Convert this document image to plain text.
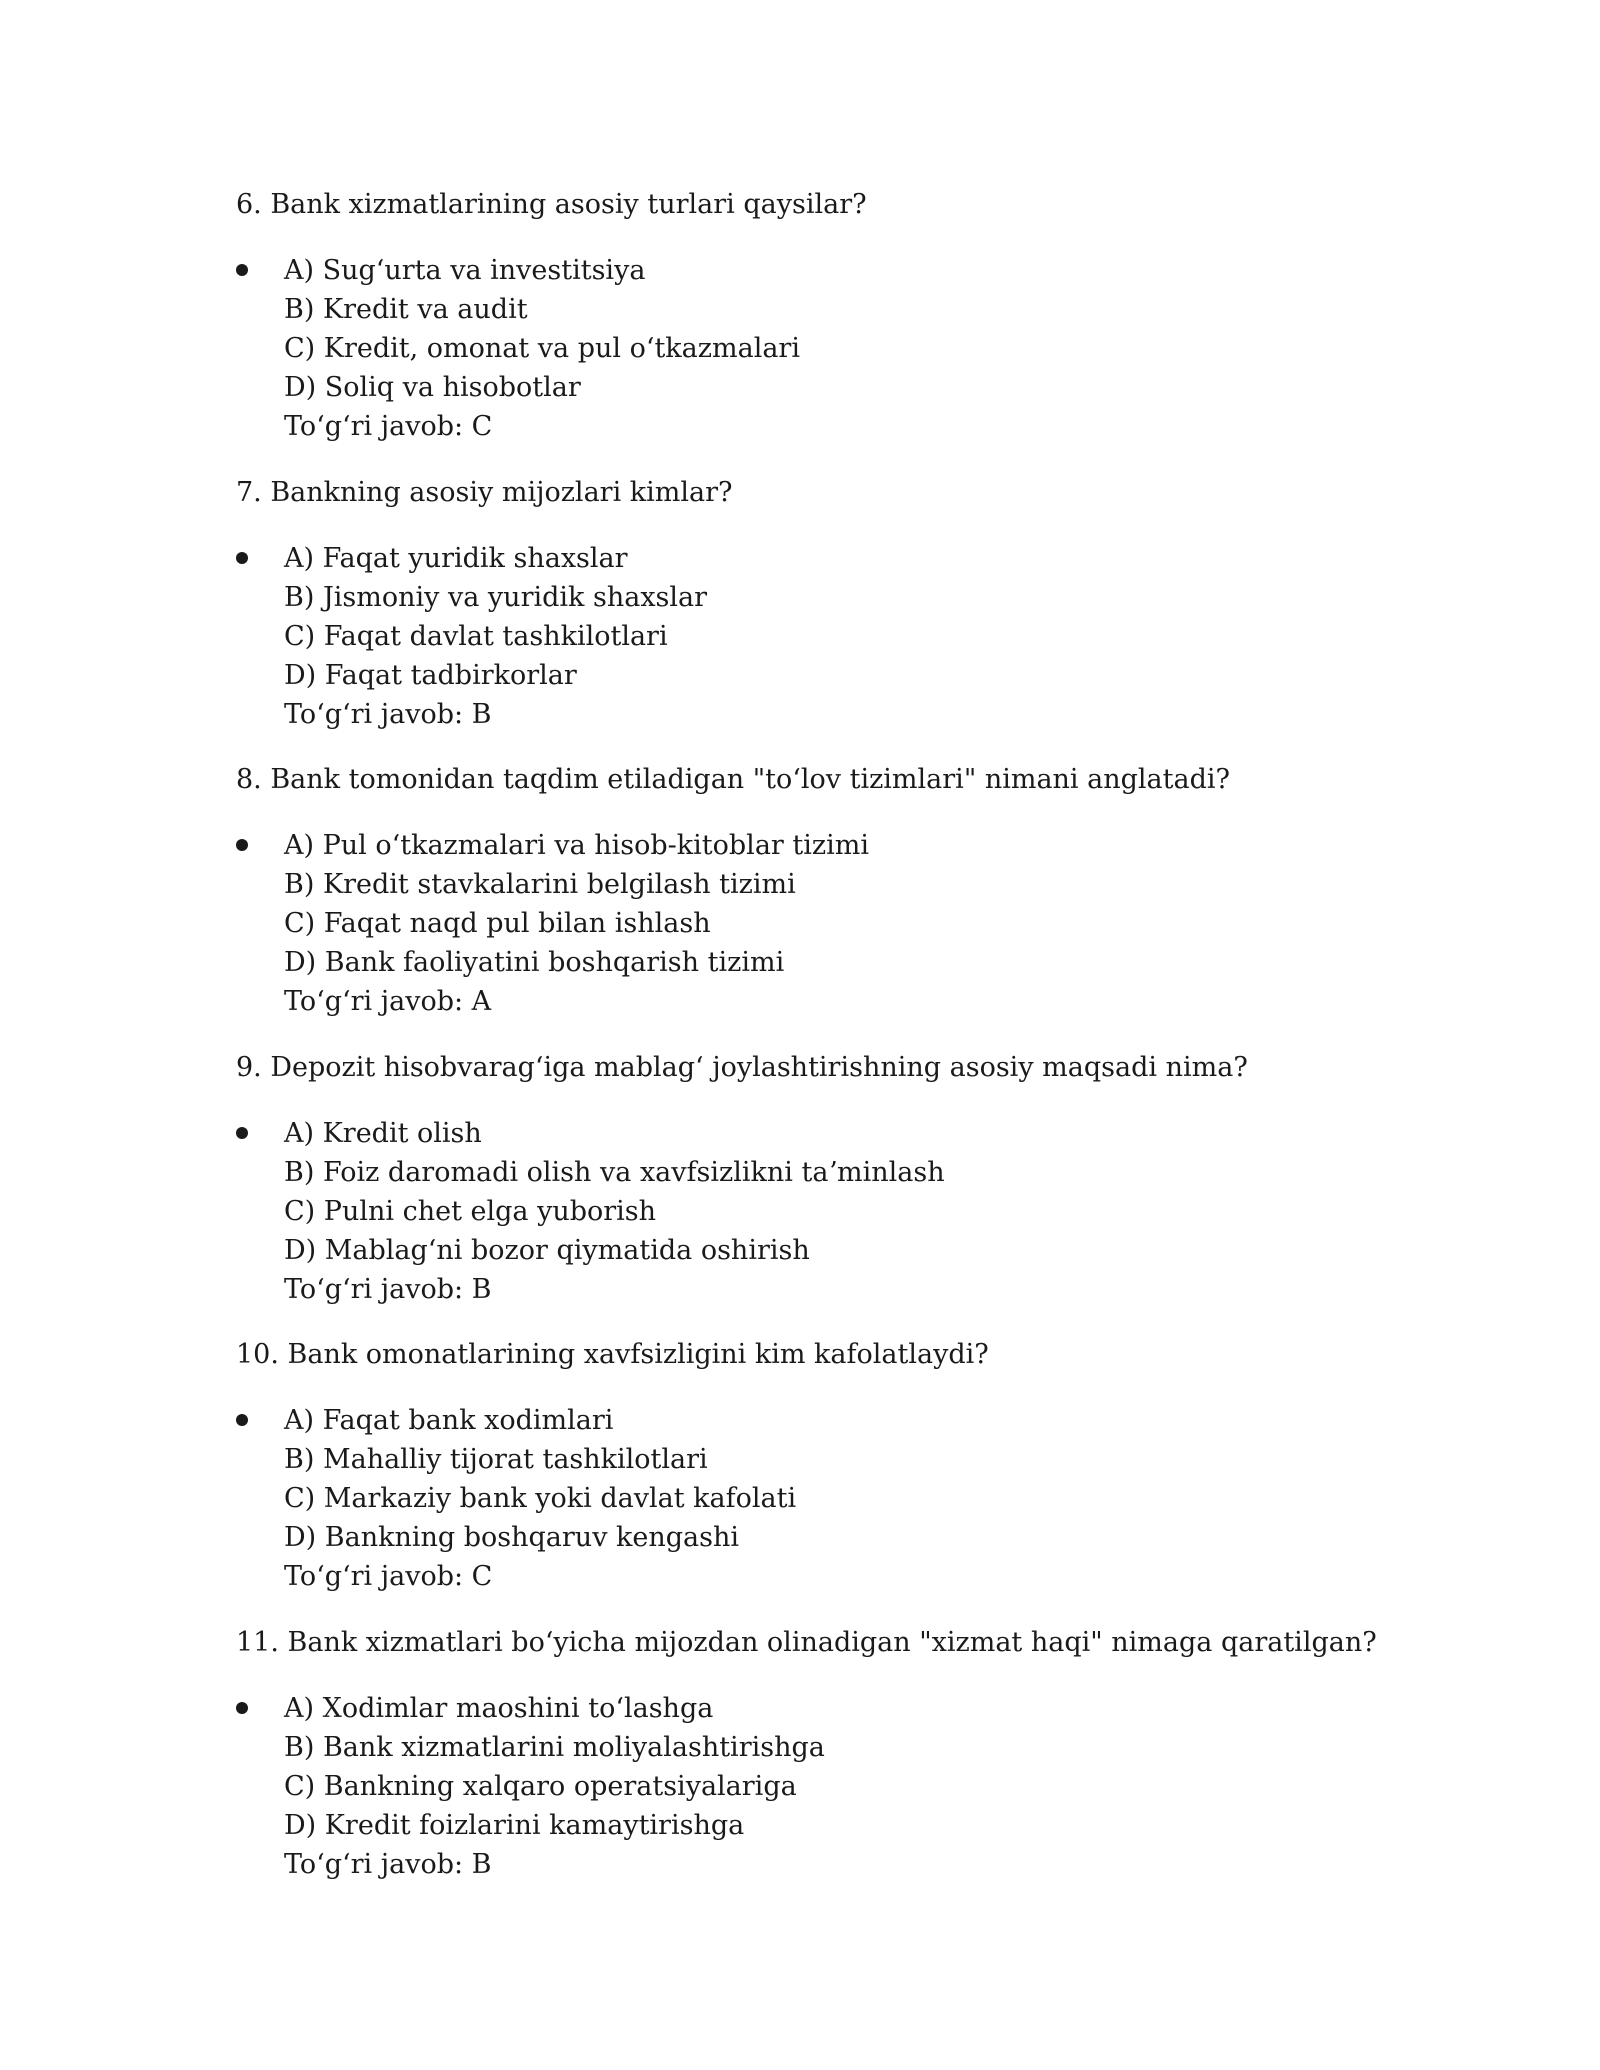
6. Bank xizmatlarining asosiy turlari qaysilar?
A) Sugʻurta va investitsiya
B) Kredit va audit
C) Kredit, omonat va pul oʻtkazmalari
D) Soliq va hisobotlar
Toʻgʻri javob: C
7. Bankning asosiy mijozlari kimlar?
A) Faqat yuridik shaxslar
B) Jismoniy va yuridik shaxslar
C) Faqat davlat tashkilotlari
D) Faqat tadbirkorlar
Toʻgʻri javob: B
8. Bank tomonidan taqdim etiladigan "toʻlov tizimlari" nimani anglatadi?
A) Pul oʻtkazmalari va hisob-kitoblar tizimi
B) Kredit stavkalarini belgilash tizimi
C) Faqat naqd pul bilan ishlash
D) Bank faoliyatini boshqarish tizimi
Toʻgʻri javob: A
9. Depozit hisobvaragʻiga mablagʻ joylashtirishning asosiy maqsadi nima?
A) Kredit olish
B) Foiz daromadi olish va xavfsizlikni taʼminlash
C) Pulni chet elga yuborish
D) Mablagʻni bozor qiymatida oshirish
Toʻgʻri javob: B
10. Bank omonatlarining xavfsizligini kim kafolatlaydi?
A) Faqat bank xodimlari
B) Mahalliy tijorat tashkilotlari
C) Markaziy bank yoki davlat kafolati
D) Bankning boshqaruv kengashi
Toʻgʻri javob: C
11. Bank xizmatlari boʻyicha mijozdan olinadigan "xizmat haqi" nimaga qaratilgan?
A) Xodimlar maoshini toʻlashga
B) Bank xizmatlarini moliyalashtirishga
C) Bankning xalqaro operatsiyalariga
D) Kredit foizlarini kamaytirishga
Toʻgʻri javob: B
